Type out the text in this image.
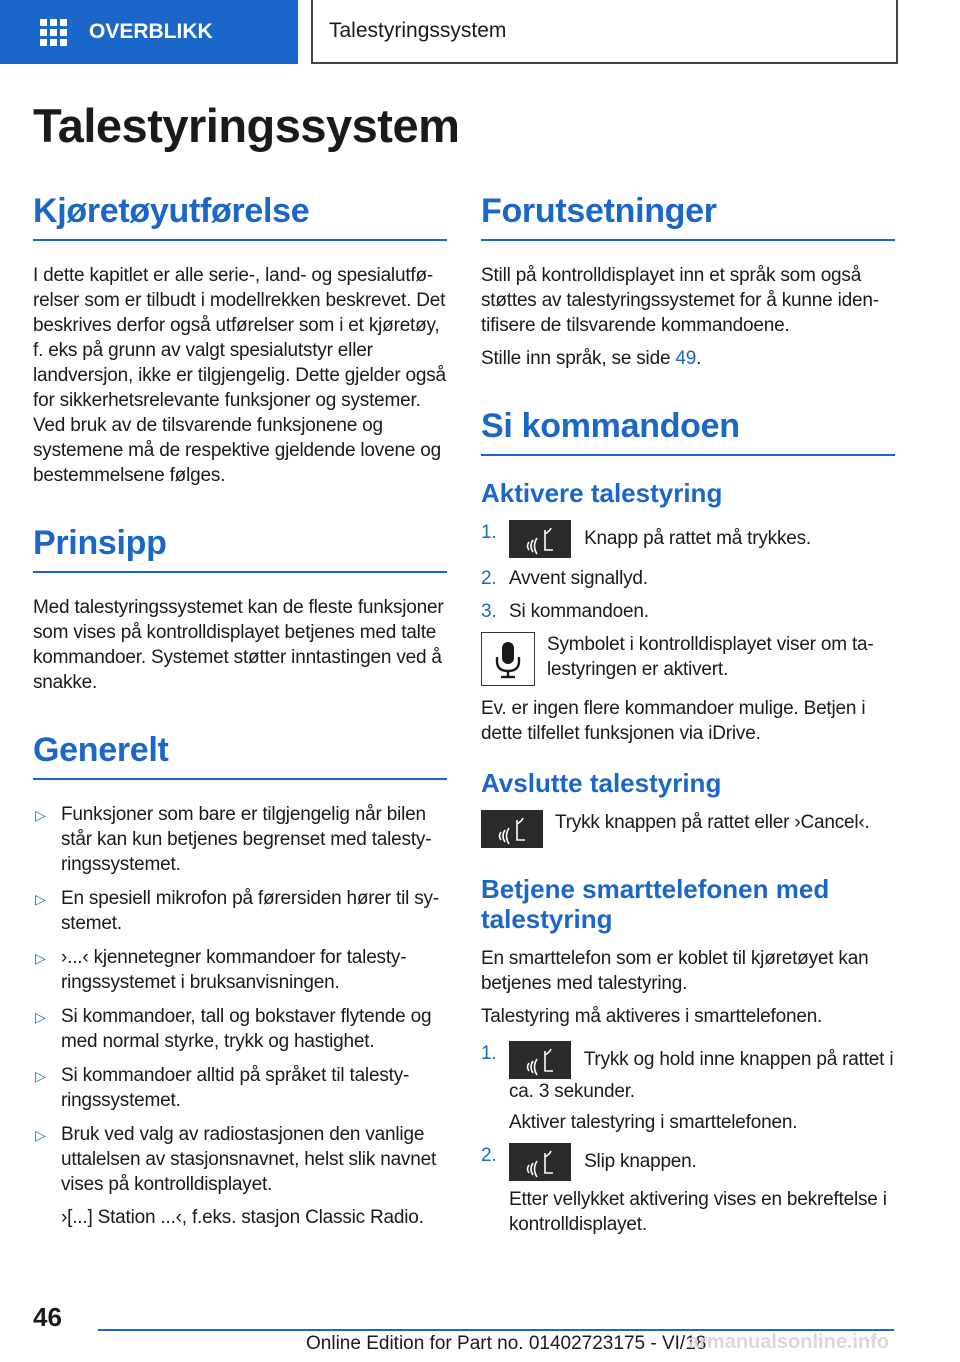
OVERBLIKK	Talestyringssystem
Talestyringssystem
Kjøretøyutførelse

I dette kapitlet er alle serie-, land- og spesialutførelser som er tilbudt i modellrekken beskrevet. Det beskrives derfor også utførelser som i et kjøretøy, f. eks på grunn av valgt spesialutstyr eller landversjon, ikke er tilgjengelig. Dette gjelder også for sikkerhetsrelevante funksjoner og systemer. Ved bruk av de tilsvarende funksjonene og systemene må de respektive gjeldende lovene og bestemmelsene følges.

Prinsipp

Med talestyringssystemet kan de fleste funksjoner som vises på kontrolldisplayet betjenes med talte kommandoer. Systemet støtter inntastingen ved å snakke.

Generelt
▷ Funksjoner som bare er tilgjengelig når bilen står kan kun betjenes begrenset med talestyringssystemet.
▷ En spesiell mikrofon på førersiden hører til systemet.
▷ ›...‹ kjennetegner kommandoer for talestyringssystemet i bruksanvisningen.
▷ Si kommandoer, tall og bokstaver flytende og med normal styrke, trykk og hastighet.
▷ Si kommandoer alltid på språket til talestyringssystemet.
▷ Bruk ved valg av radiostasjonen den vanlige uttalelsen av stasjonsnavnet, helst slik navnet vises på kontrolldisplayet.
›[...] Station ...‹, f.eks. stasjon Classic Radio.
Forutsetninger

Still på kontrolldisplayet inn et språk som også støttes av talestyringssystemet for å kunne identifisere de tilsvarende kommandoene.

Stille inn språk, se side 49.

Si kommandoen
Aktivere talestyring
1.	Knapp på rattet må trykkes.
2. Avvent signallyd.
3. Si kommandoen.

Symbolet i kontrolldisplayet viser om talestyringen er aktivert.

Ev. er ingen flere kommandoer mulige. Betjen i dette tilfellet funksjonen via iDrive.

Avslutte talestyring

Trykk knappen på rattet eller ›Cancel‹.

Betjene smarttelefonen med talestyring

En smarttelefon som er koblet til kjøretøyet kan betjenes med talestyring.

Talestyring må aktiveres i smarttelefonen.

1.	Trykk og hold inne knappen på rattet i ca. 3 sekunder.
Aktiver talestyring i smarttelefonen.
2.	Slip knappen.
Etter vellykket aktivering vises en bekreftelse i kontrolldisplayet.
46
Online Edition for Part no. 01402723175 - VI/18
armanualsonline.info
